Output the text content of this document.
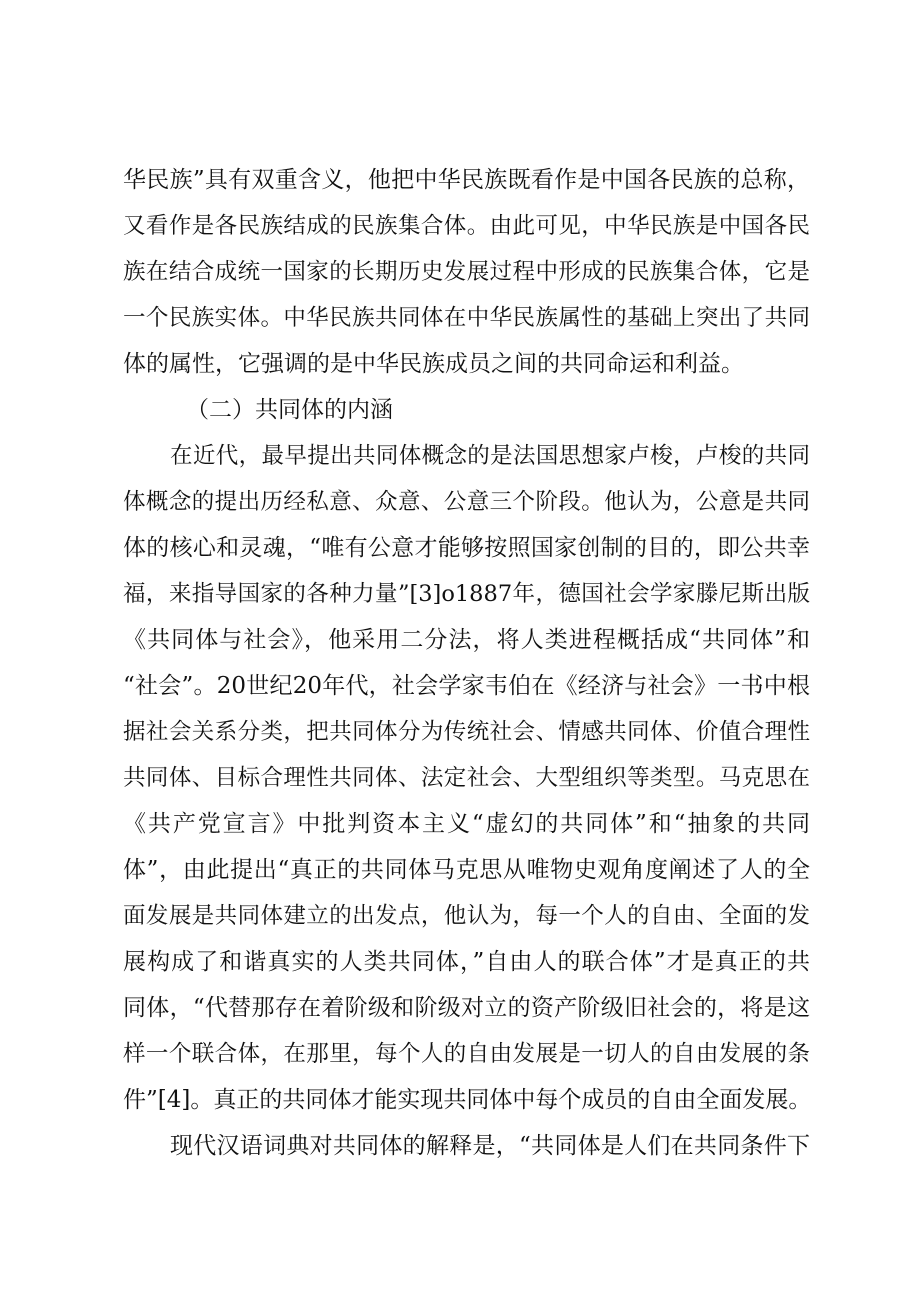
华民族”具有双重含义，他把中华民族既看作是中国各民族的总称，
又看作是各民族结成的民族集合体。由此可见，中华民族是中国各民
族在结合成统一国家的长期历史发展过程中形成的民族集合体，它是
一个民族实体。中华民族共同体在中华民族属性的基础上突出了共同
体的属性，它强调的是中华民族成员之间的共同命运和利益。
（二）共同体的内涵
在近代，最早提出共同体概念的是法国思想家卢梭，卢梭的共同
体概念的提出历经私意、众意、公意三个阶段。他认为，公意是共同
体的核心和灵魂，“唯有公意才能够按照国家创制的目的，即公共幸
福，来指导国家的各种力量”[3]o1887年，德国社会学家滕尼斯出版
《共同体与社会》，他采用二分法，将人类进程概括成“共同体”和
“社会”。20世纪20年代，社会学家韦伯在《经济与社会》一书中根
据社会关系分类，把共同体分为传统社会、情感共同体、价值合理性
共同体、目标合理性共同体、法定社会、大型组织等类型。马克思在
《共产党宣言》中批判资本主义“虚幻的共同体”和“抽象的共同
体”，由此提出“真正的共同体马克思从唯物史观角度阐述了人的全
面发展是共同体建立的出发点，他认为，每一个人的自由、全面的发
展构成了和谐真实的人类共同体，”自由人的联合体”才是真正的共
同体，“代替那存在着阶级和阶级对立的资产阶级旧社会的，将是这
样一个联合体，在那里，每个人的自由发展是一切人的自由发展的条
件”[4]。真正的共同体才能实现共同体中每个成员的自由全面发展。
现代汉语词典对共同体的解释是，“共同体是人们在共同条件下
